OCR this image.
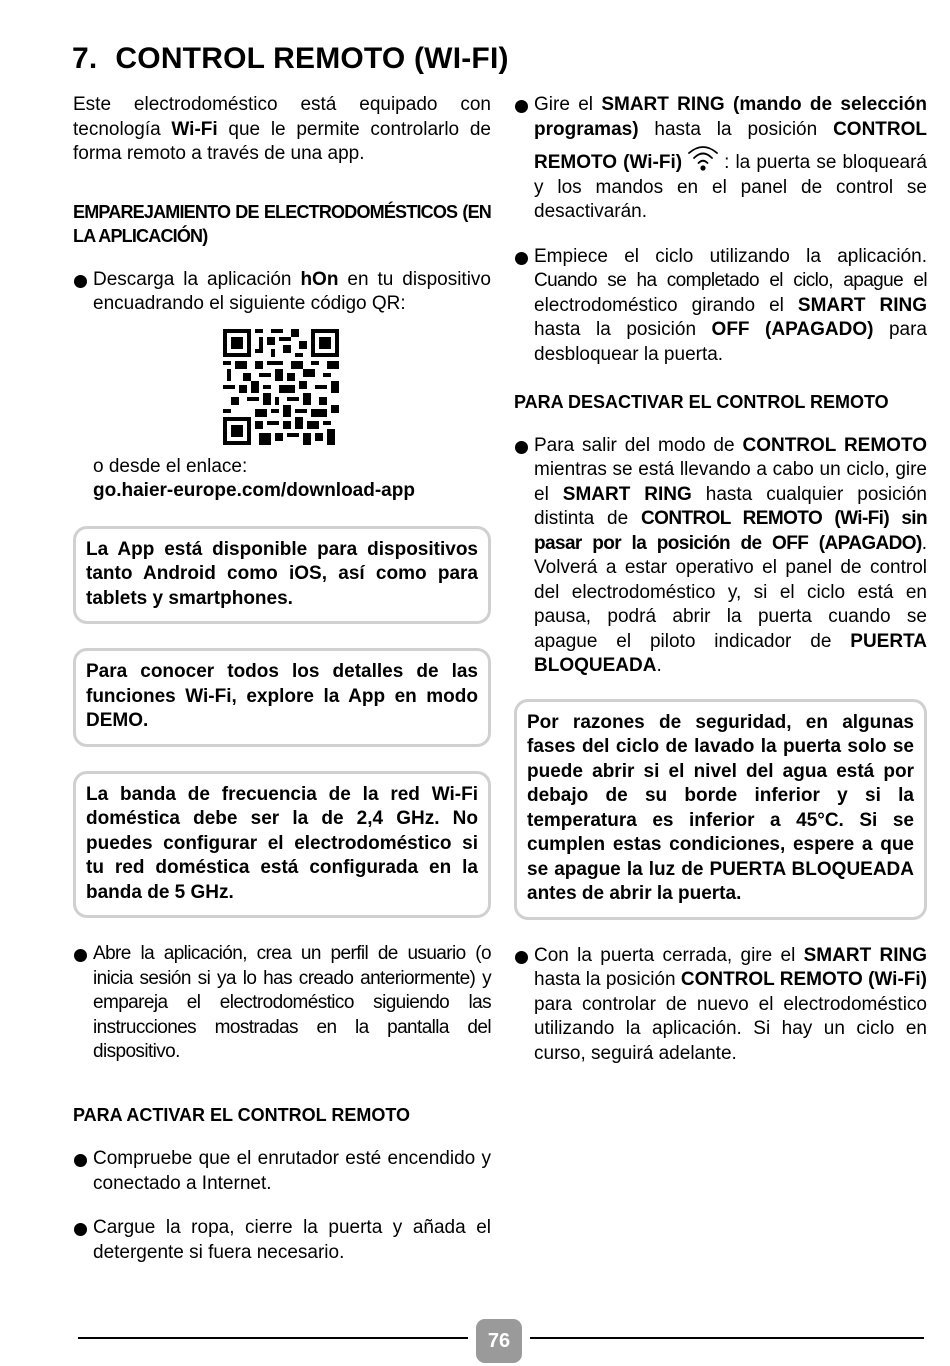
7. CONTROL REMOTO (WI-FI)

Este electrodoméstico está equipado con tecnología Wi-Fi que le permite controlarlo de forma remoto a través de una app.

EMPAREJAMIENTO DE ELECTRODOMÉSTICOS (EN LA APLICACIÓN)

Descarga la aplicación hOn en tu dispositivo encuadrando el siguiente código QR:

o desde el enlace:

go.haier-europe.com/download-app

La App está disponible para dispositivos tanto Android como iOS, así como para tablets y smartphones.

Para conocer todos los detalles de las funciones Wi-Fi, explore la App en modo DEMO.

La banda de frecuencia de la red Wi-Fi doméstica debe ser la de 2,4 GHz. No puedes configurar el electrodoméstico si tu red doméstica está configurada en la banda de 5 GHz.

Abre la aplicación, crea un perfil de usuario (o inicia sesión si ya lo has creado anteriormente) y empareja el electrodoméstico siguiendo las instrucciones mostradas en la pantalla del dispositivo.

PARA ACTIVAR EL CONTROL REMOTO

Compruebe que el enrutador esté encendido y conectado a Internet.

Cargue la ropa, cierre la puerta y añada el detergente si fuera necesario.

Gire el SMART RING (mando de selección programas) hasta la posición CONTROL REMOTO (Wi-Fi) : la puerta se bloqueará y los mandos en el panel de control se desactivarán.

Empiece el ciclo utilizando la aplicación. Cuando se ha completado el ciclo, apague el electrodoméstico girando el SMART RING hasta la posición OFF (APAGADO) para desbloquear la puerta.

PARA DESACTIVAR EL CONTROL REMOTO

Para salir del modo de CONTROL REMOTO mientras se está llevando a cabo un ciclo, gire el SMART RING hasta cualquier posición distinta de CONTROL REMOTO (Wi-Fi) sin pasar por la posición de OFF (APAGADO). Volverá a estar operativo el panel de control del electrodoméstico y, si el ciclo está en pausa, podrá abrir la puerta cuando se apague el piloto indicador de PUERTA BLOQUEADA.

Por razones de seguridad, en algunas fases del ciclo de lavado la puerta solo se puede abrir si el nivel del agua está por debajo de su borde inferior y si la temperatura es inferior a 45°C. Si se cumplen estas condiciones, espere a que se apague la luz de PUERTA BLOQUEADA antes de abrir la puerta.

Con la puerta cerrada, gire el SMART RING hasta la posición CONTROL REMOTO (Wi-Fi) para controlar de nuevo el electrodoméstico utilizando la aplicación. Si hay un ciclo en curso, seguirá adelante.

76
